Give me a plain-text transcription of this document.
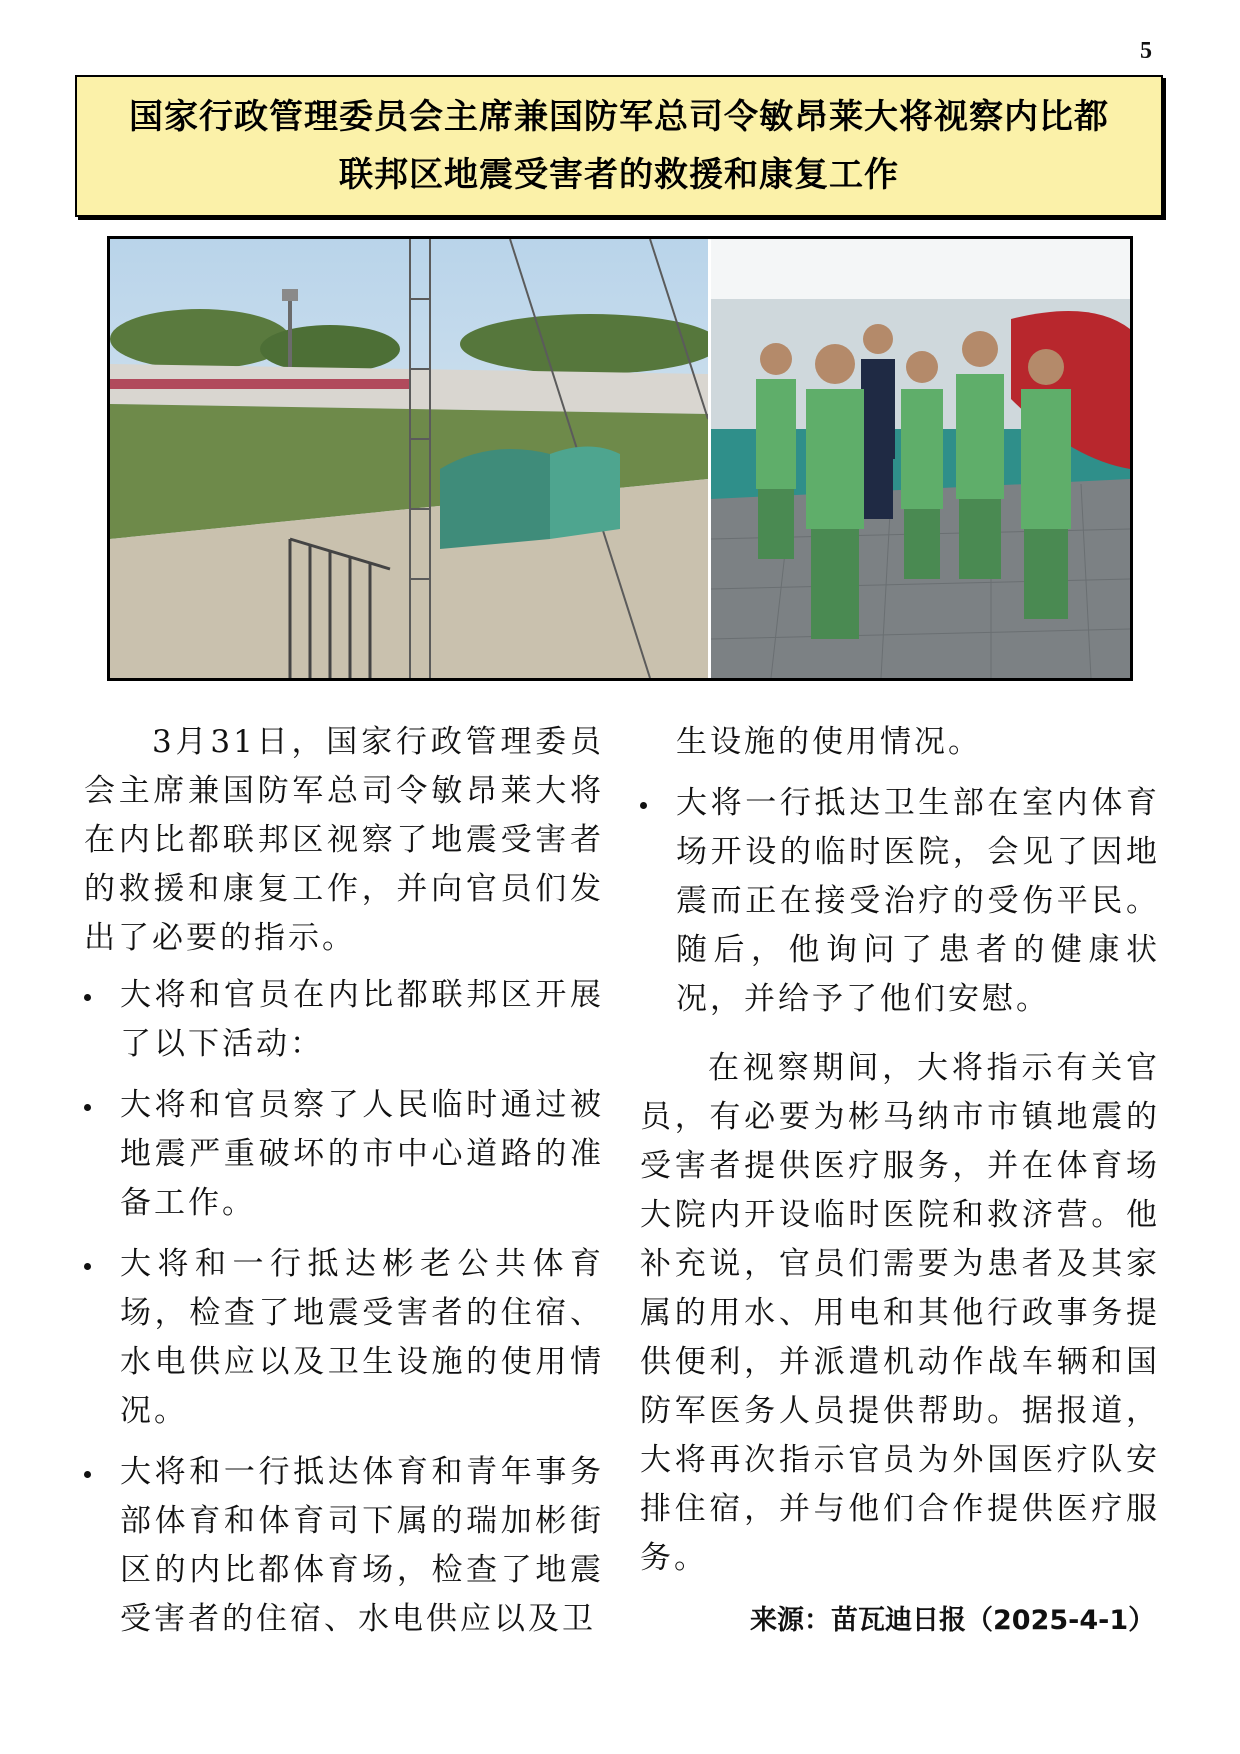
5
国家行政管理委员会主席兼国防军总司令敏昂莱大将视察内比都
联邦区地震受害者的救援和康复工作

3月31日，国家行政管理委员会主席兼国防军总司令敏昂莱大将在内比都联邦区视察了地震受害者的救援和康复工作，并向官员们发出了必要的指示。

大将和官员在内比都联邦区开展了以下活动：
大将和官员察了人民临时通过被地震严重破坏的市中心道路的准备工作。
大将和一行抵达彬老公共体育场，检查了地震受害者的住宿、水电供应以及卫生设施的使用情况。
大将和一行抵达体育和青年事务部体育和体育司下属的瑞加彬街区的内比都体育场，检查了地震受害者的住宿、水电供应以及卫

生设施的使用情况。

大将一行抵达卫生部在室内体育场开设的临时医院，会见了因地震而正在接受治疗的受伤平民。随后，他询问了患者的健康状况，并给予了他们安慰。

在视察期间，大将指示有关官员，有必要为彬马纳市市镇地震的受害者提供医疗服务，并在体育场大院内开设临时医院和救济营。他补充说，官员们需要为患者及其家属的用水、用电和其他行政事务提供便利，并派遣机动作战车辆和国防军医务人员提供帮助。据报道，大将再次指示官员为外国医疗队安排住宿，并与他们合作提供医疗服务。

来源：苗瓦迪日报（2025-4-1）
